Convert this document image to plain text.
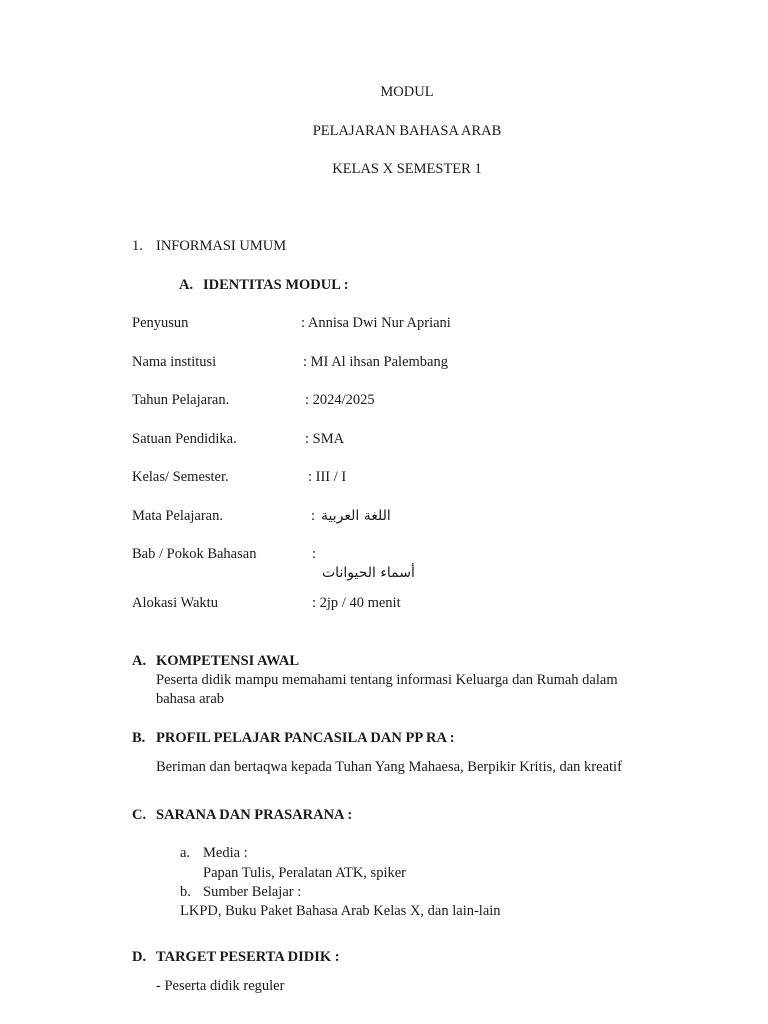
MODUL
PELAJARAN BAHASA ARAB
KELAS X SEMESTER 1
1. INFORMASI UMUM
A. IDENTITAS MODUL :
Penyusun	: Annisa Dwi Nur Apriani
Nama institusi	: MI Al ihsan Palembang
Tahun Pelajaran.	: 2024/2025
Satuan Pendidika.	: SMA
Kelas/ Semester.	: III / I
Mata Pelajaran.	: اللغة العربية
Bab / Pokok Bahasan	:
أسماء الحيوانات
Alokasi Waktu	: 2jp / 40 menit
A. KOMPETENSI AWAL
Peserta didik mampu memahami tentang informasi Keluarga dan Rumah dalam
bahasa arab
B. PROFIL PELAJAR PANCASILA DAN PP RA :
Beriman dan bertaqwa kepada Tuhan Yang Mahaesa, Berpikir Kritis, dan kreatif
C. SARANA DAN PRASARANA :
a. Media :
Papan Tulis, Peralatan ATK, spiker
b. Sumber Belajar :
LKPD, Buku Paket Bahasa Arab Kelas X, dan lain-lain
D. TARGET PESERTA DIDIK :
- Peserta didik reguler
